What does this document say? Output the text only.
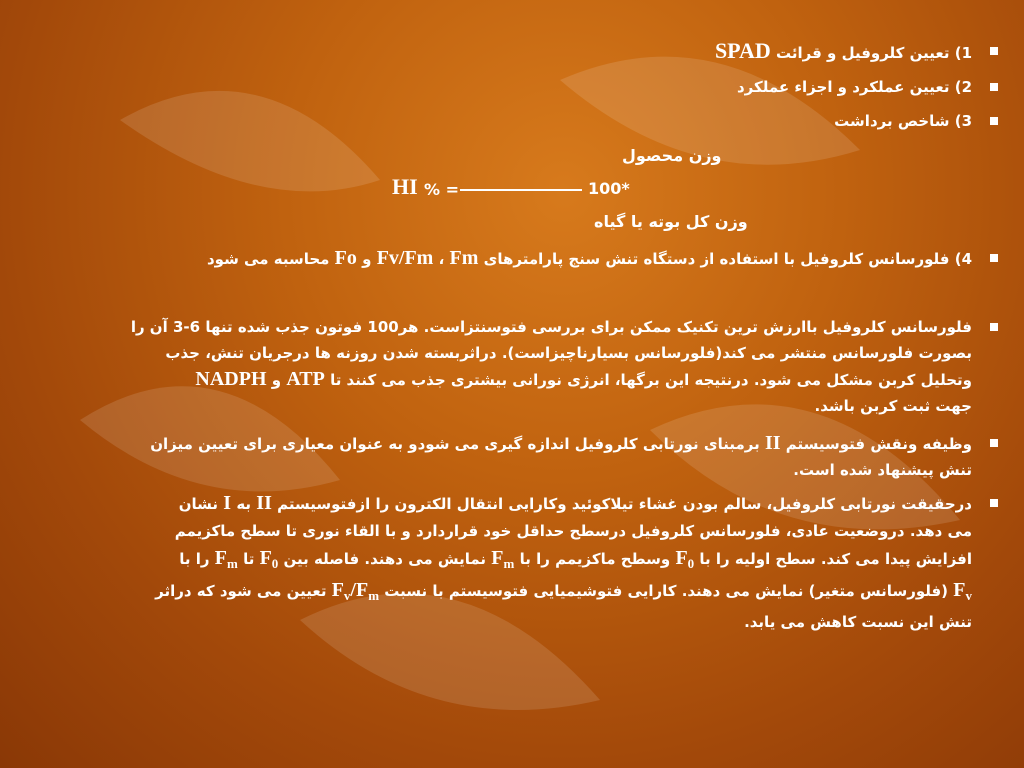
1) تعیین کلروفیل و قرائت SPAD
2) تعیین عملکرد و اجزاء عملکرد
3) شاخص برداشت
وزن محصول
HI % =	100*
وزن کل بوته یا گیاه
4) فلورسانس کلروفیل با استفاده از دستگاه تنش سنج پارامترهای Fv/Fm ، Fm و Fo محاسبه می شود
فلورسانس کلروفیل باارزش ترین تکنیک ممکن برای بررسی فتوسنتزاست. هر100 فوتون جذب شده تنها 6-3 آن را
بصورت فلورسانس منتشر می کند(فلورسانس بسیارناچیزاست). دراثربسته شدن روزنه ها درجریان تنش، جذب
وتحلیل کربن مشکل می شود. درنتیجه این برگها، انرژی نورانی بیشتری جذب می کنند تا ATP و NADPH
جهت ثبت کربن باشد.
وظیفه ونقش فتوسیستم II برمبنای نورتابی کلروفیل اندازه گیری می شودو به عنوان معیاری برای تعیین میزان
تنش پیشنهاد شده است.
درحقیقت نورتابی کلروفیل، سالم بودن غشاء تیلاکوئید وکارایی انتقال الکترون را ازفتوسیستم II به I نشان
می دهد. دروضعیت عادی، فلورسانس کلروفیل درسطح حداقل خود قراردارد و با القاء نوری تا سطح ماکزیمم
افزایش پیدا می کند. سطح اولیه را با $F_0$ وسطح ماکزیمم را با $F_m$ نمایش می دهند. فاصله بین $F_0$ تا $F_m$ را با
$F_v$ (فلورسانس متغیر) نمایش می دهند. کارایی فتوشیمیایی فتوسیستم با نسبت $F_v/F_m$ تعیین می شود که دراثر
تنش این نسبت کاهش می یابد.
